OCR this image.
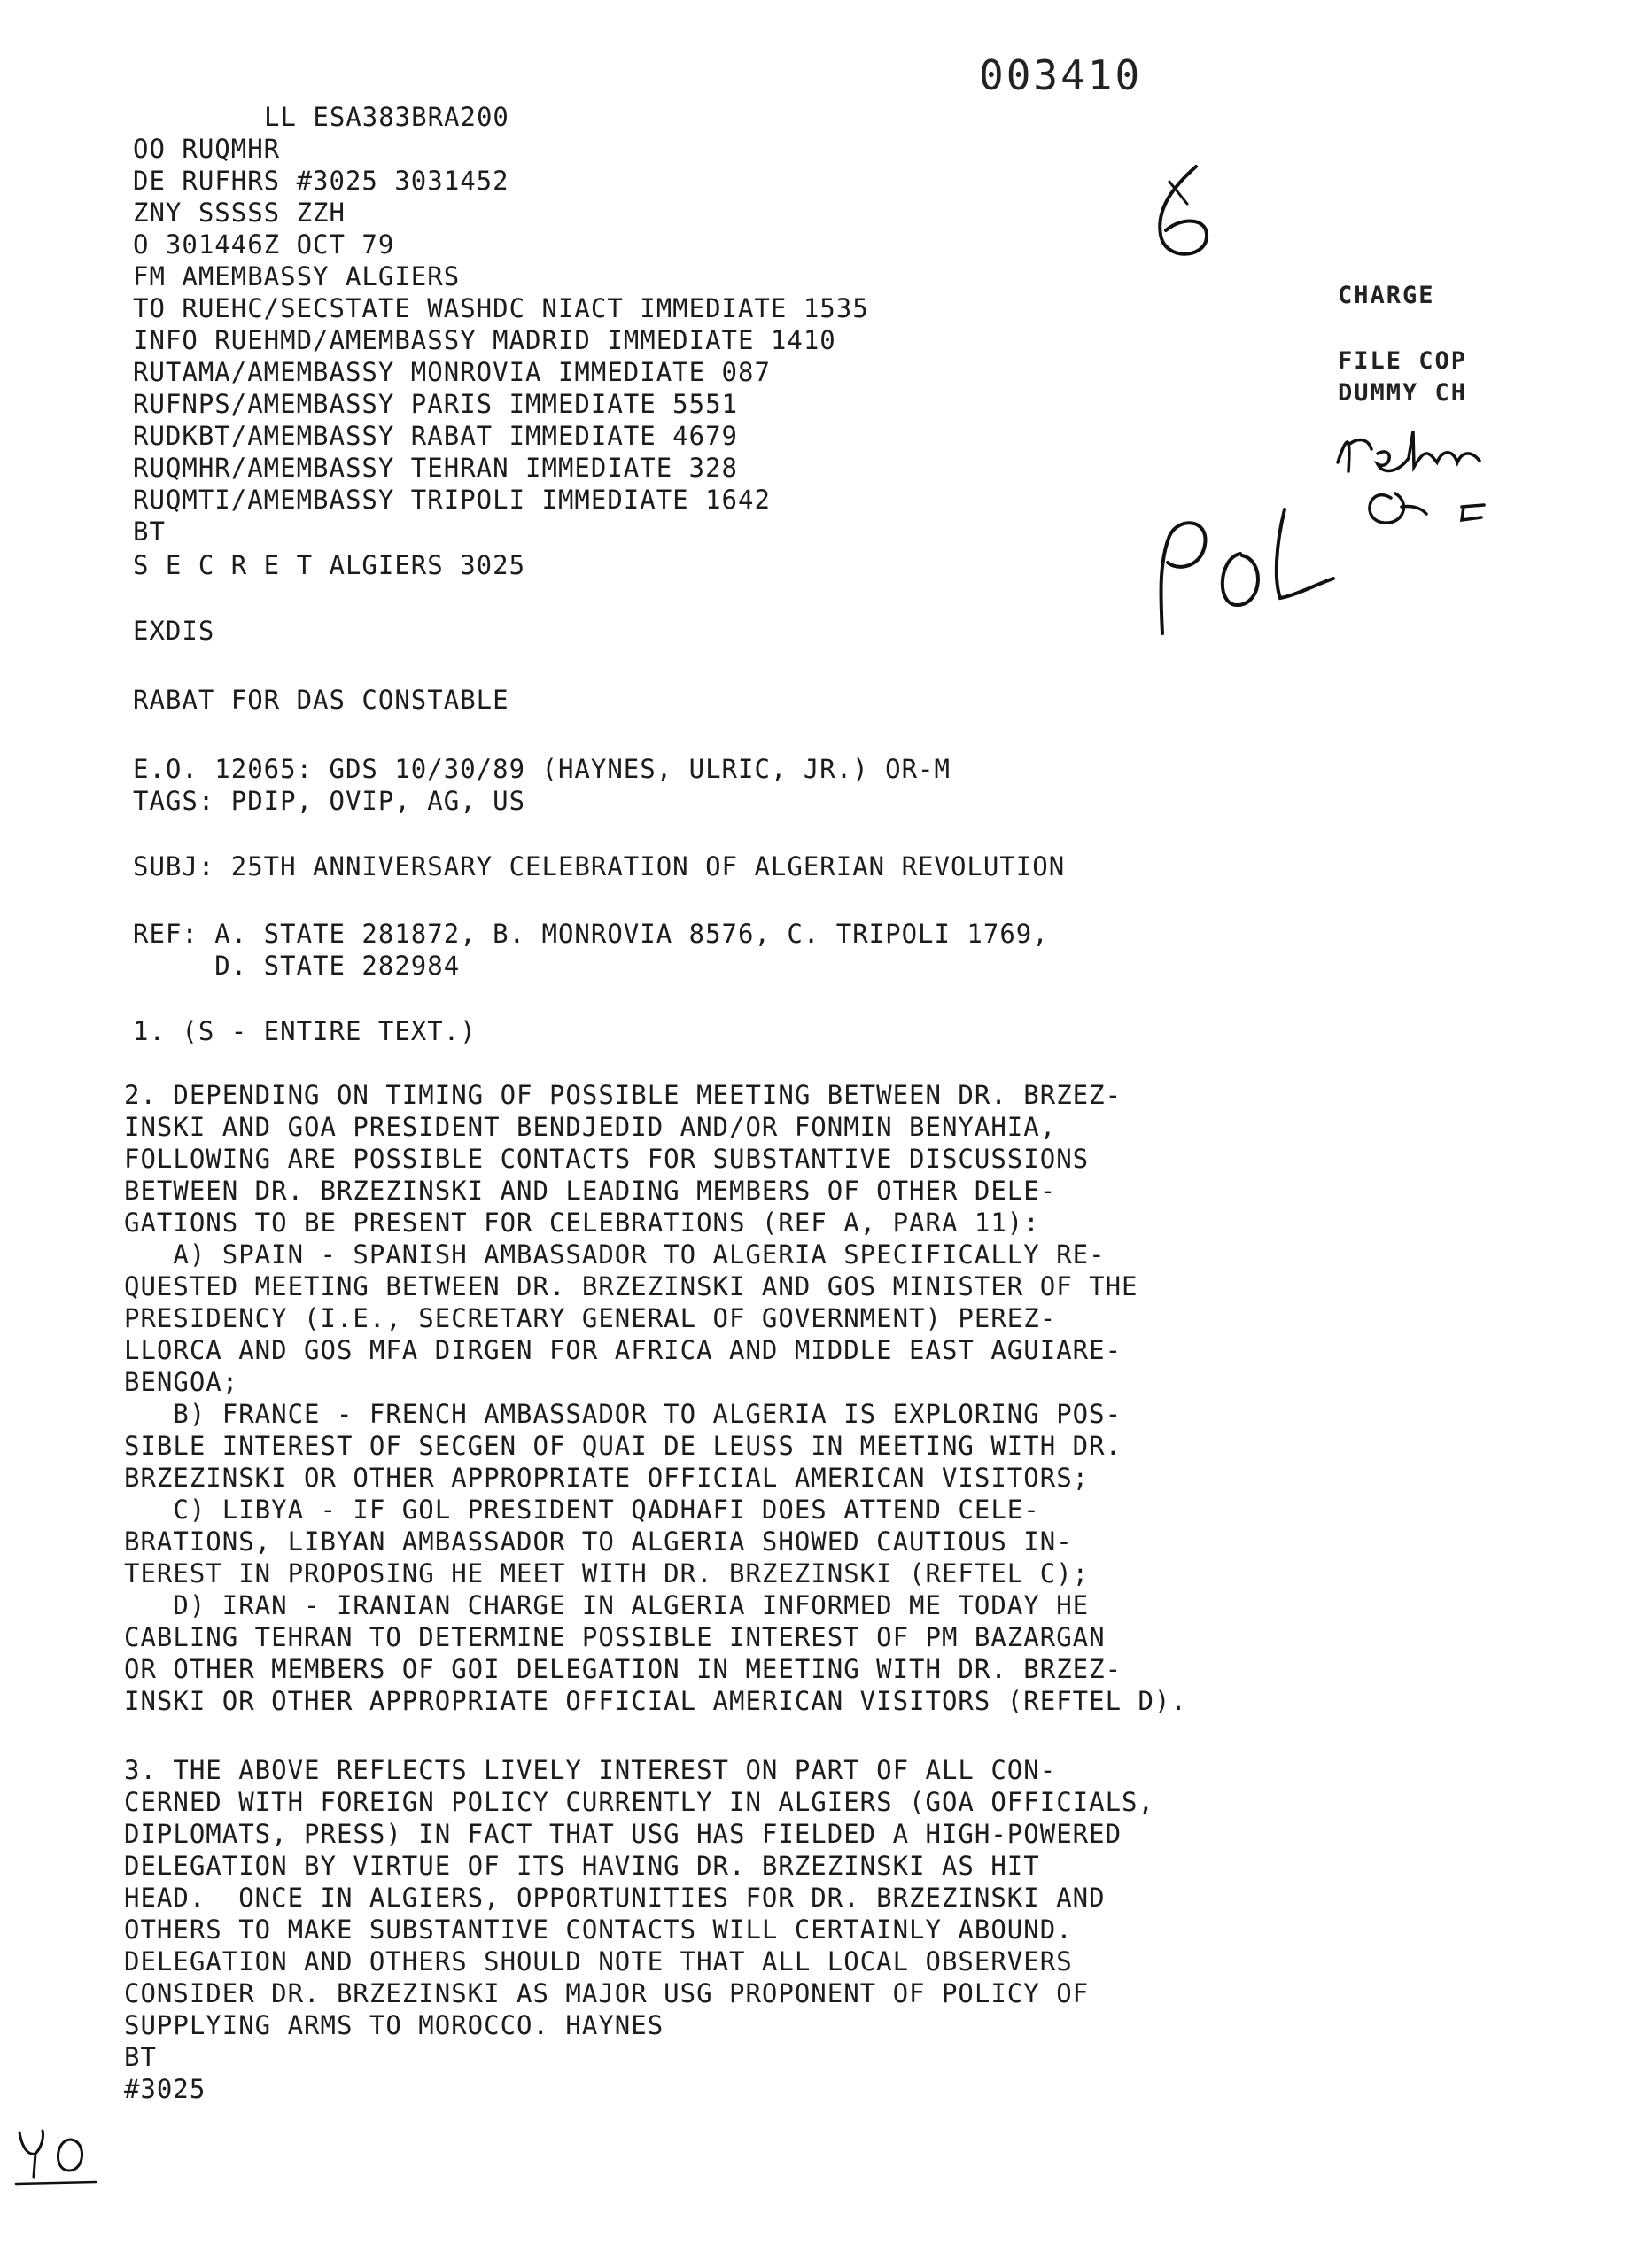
003410
LL ESA383BRA200
OO RUQMHR
DE RUFHRS #3025 3031452
ZNY SSSSS ZZH
O 301446Z OCT 79
FM AMEMBASSY ALGIERS
TO RUEHC/SECSTATE WASHDC NIACT IMMEDIATE 1535
INFO RUEHMD/AMEMBASSY MADRID IMMEDIATE 1410
RUTAMA/AMEMBASSY MONROVIA IMMEDIATE 087
RUFNPS/AMEMBASSY PARIS IMMEDIATE 5551
RUDKBT/AMEMBASSY RABAT IMMEDIATE 4679
RUQMHR/AMEMBASSY TEHRAN IMMEDIATE 328
RUQMTI/AMEMBASSY TRIPOLI IMMEDIATE 1642
BT
S E C R E T ALGIERS 3025
EXDIS
RABAT FOR DAS CONSTABLE
E.O. 12065: GDS 10/30/89 (HAYNES, ULRIC, JR.) OR-M
TAGS: PDIP, OVIP, AG, US
SUBJ: 25TH ANNIVERSARY CELEBRATION OF ALGERIAN REVOLUTION
REF: A. STATE 281872, B. MONROVIA 8576, C. TRIPOLI 1769,
D. STATE 282984
1. (S - ENTIRE TEXT.)
2. DEPENDING ON TIMING OF POSSIBLE MEETING BETWEEN DR. BRZEZ-
INSKI AND GOA PRESIDENT BENDJEDID AND/OR FONMIN BENYAHIA,
FOLLOWING ARE POSSIBLE CONTACTS FOR SUBSTANTIVE DISCUSSIONS
BETWEEN DR. BRZEZINSKI AND LEADING MEMBERS OF OTHER DELE-
GATIONS TO BE PRESENT FOR CELEBRATIONS (REF A, PARA 11):
A) SPAIN - SPANISH AMBASSADOR TO ALGERIA SPECIFICALLY RE-
QUESTED MEETING BETWEEN DR. BRZEZINSKI AND GOS MINISTER OF THE
PRESIDENCY (I.E., SECRETARY GENERAL OF GOVERNMENT) PEREZ-
LLORCA AND GOS MFA DIRGEN FOR AFRICA AND MIDDLE EAST AGUIARE-
BENGOA;
B) FRANCE - FRENCH AMBASSADOR TO ALGERIA IS EXPLORING POS-
SIBLE INTEREST OF SECGEN OF QUAI DE LEUSS IN MEETING WITH DR.
BRZEZINSKI OR OTHER APPROPRIATE OFFICIAL AMERICAN VISITORS;
C) LIBYA - IF GOL PRESIDENT QADHAFI DOES ATTEND CELE-
BRATIONS, LIBYAN AMBASSADOR TO ALGERIA SHOWED CAUTIOUS IN-
TEREST IN PROPOSING HE MEET WITH DR. BRZEZINSKI (REFTEL C);
D) IRAN - IRANIAN CHARGE IN ALGERIA INFORMED ME TODAY HE
CABLING TEHRAN TO DETERMINE POSSIBLE INTEREST OF PM BAZARGAN
OR OTHER MEMBERS OF GOI DELEGATION IN MEETING WITH DR. BRZEZ-
INSKI OR OTHER APPROPRIATE OFFICIAL AMERICAN VISITORS (REFTEL D).
3. THE ABOVE REFLECTS LIVELY INTEREST ON PART OF ALL CON-
CERNED WITH FOREIGN POLICY CURRENTLY IN ALGIERS (GOA OFFICIALS,
DIPLOMATS, PRESS) IN FACT THAT USG HAS FIELDED A HIGH-POWERED
DELEGATION BY VIRTUE OF ITS HAVING DR. BRZEZINSKI AS HIT
HEAD.  ONCE IN ALGIERS, OPPORTUNITIES FOR DR. BRZEZINSKI AND
OTHERS TO MAKE SUBSTANTIVE CONTACTS WILL CERTAINLY ABOUND.
DELEGATION AND OTHERS SHOULD NOTE THAT ALL LOCAL OBSERVERS
CONSIDER DR. BRZEZINSKI AS MAJOR USG PROPONENT OF POLICY OF
SUPPLYING ARMS TO MOROCCO. HAYNES
BT
#3025
CHARGE
FILE COP
DUMMY CH
